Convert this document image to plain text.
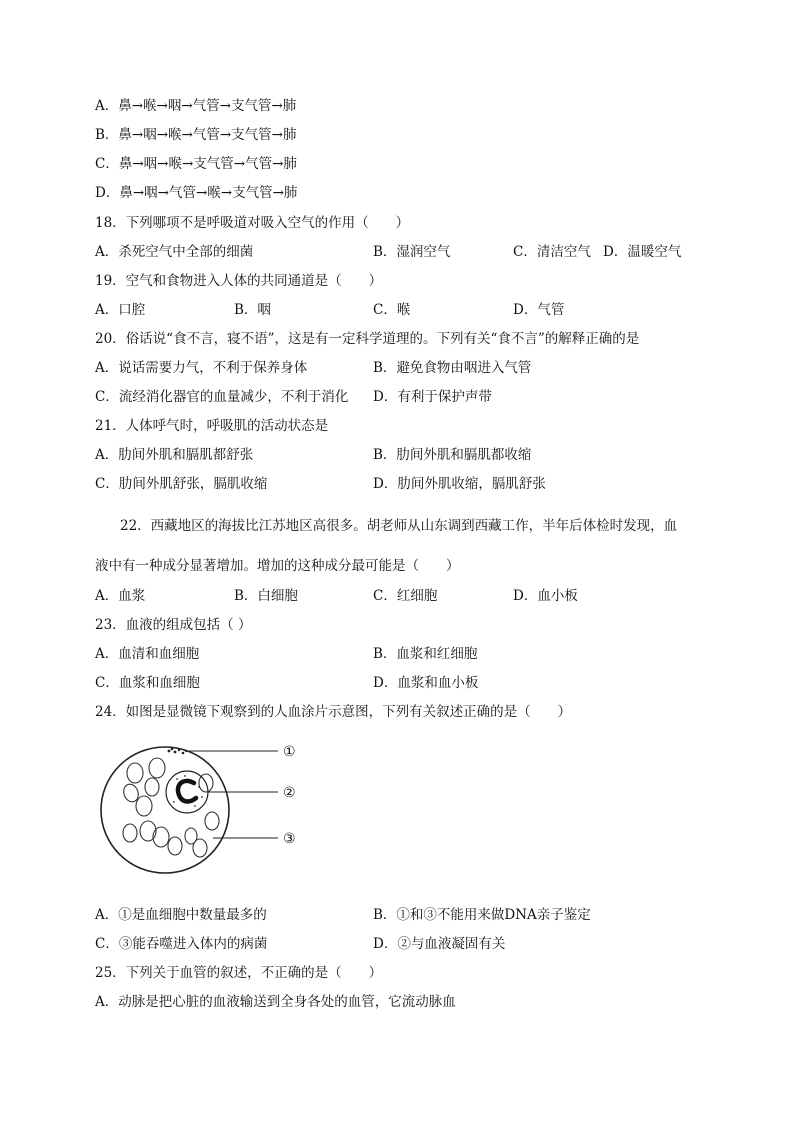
A．鼻→喉→咽→气管→支气管→肺
B．鼻→咽→喉→气管→支气管→肺
C．鼻→咽→喉→支气管→气管→肺
D．鼻→咽→气管→喉→支气管→肺
18．下列哪项不是呼吸道对吸入空气的作用（　　）
A．杀死空气中全部的细菌	B．湿润空气	C．清洁空气 D．温暖空气
19．空气和食物进入人体的共同通道是（　　）
A．口腔	B．咽	C．喉	D．气管
20．俗话说“食不言，寝不语”，这是有一定科学道理的。下列有关“食不言”的解释正确的是
A．说话需要力气，不利于保养身体	B．避免食物由咽进入气管
C．流经消化器官的血量减少，不利于消化 D．有利于保护声带
21．人体呼气时，呼吸肌的活动状态是
A．肋间外肌和膈肌都舒张	B．肋间外肌和膈肌都收缩
C．肋间外肌舒张，膈肌收缩	D．肋间外肌收缩，膈肌舒张
22．西藏地区的海拔比江苏地区高很多。胡老师从山东调到西藏工作，半年后体检时发现，血
液中有一种成分显著增加。增加的这种成分最可能是（　　）
A．血浆	B．白细胞	C．红细胞	D．血小板
23．血液的组成包括（ ）
A．血清和血细胞	B．血浆和红细胞
C．血浆和血细胞	D．血浆和血小板
24．如图是显微镜下观察到的人血涂片示意图，下列有关叙述正确的是（　　）
①
②
③
A．①是血细胞中数量最多的	B．①和③不能用来做DNA亲子鉴定
C．③能吞噬进入体内的病菌	D．②与血液凝固有关
25．下列关于血管的叙述，不正确的是（　　）
A．动脉是把心脏的血液输送到全身各处的血管，它流动脉血
